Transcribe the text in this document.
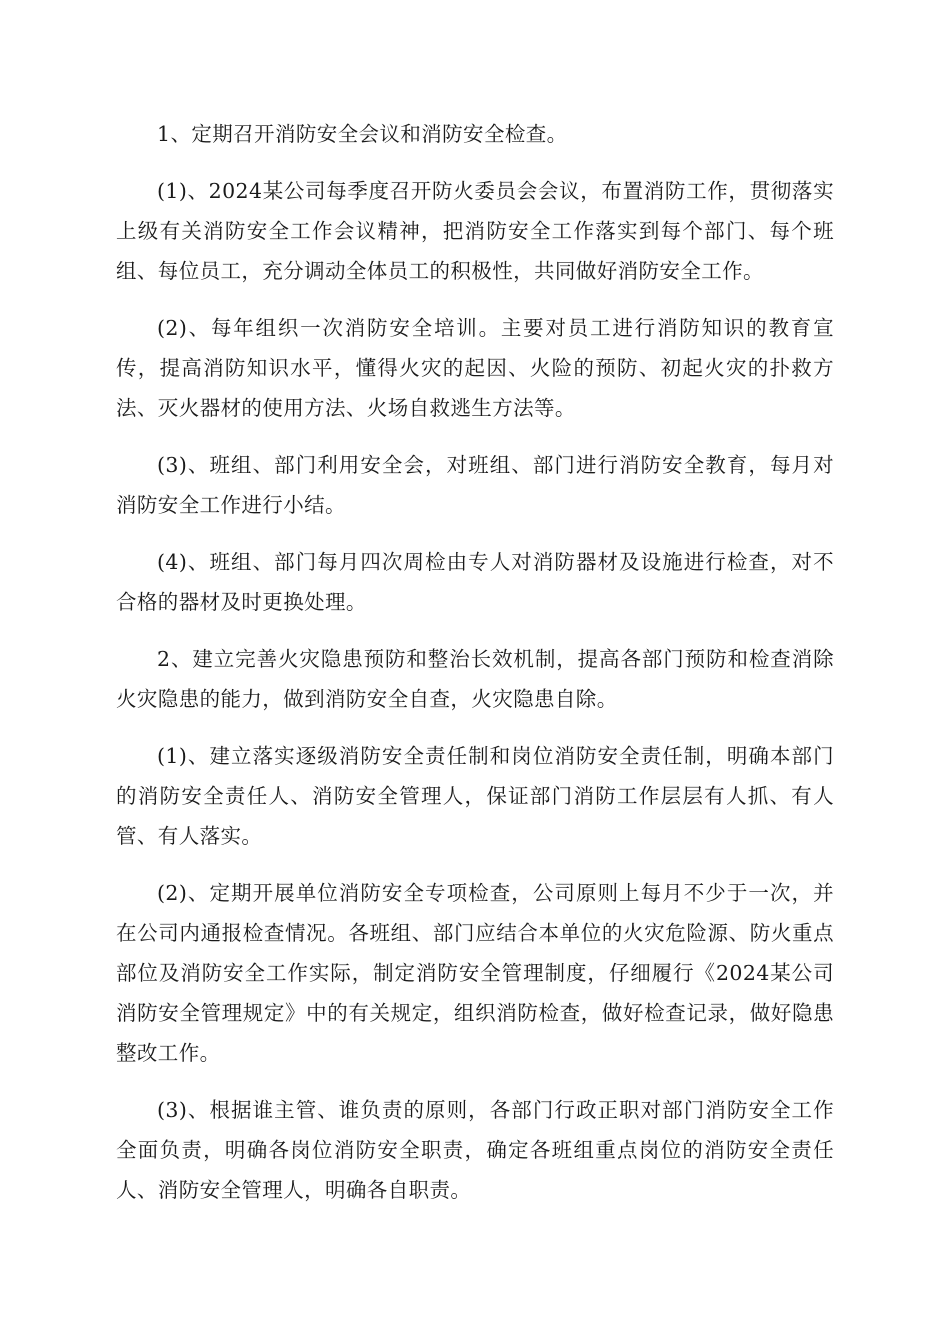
1、定期召开消防安全会议和消防安全检查。

(1)、2024某公司每季度召开防火委员会会议，布置消防工作，贯彻落实上级有关消防安全工作会议精神，把消防安全工作落实到每个部门、每个班组、每位员工，充分调动全体员工的积极性，共同做好消防安全工作。

(2)、每年组织一次消防安全培训。主要对员工进行消防知识的教育宣传，提高消防知识水平，懂得火灾的起因、火险的预防、初起火灾的扑救方法、灭火器材的使用方法、火场自救逃生方法等。

(3)、班组、部门利用安全会，对班组、部门进行消防安全教育，每月对消防安全工作进行小结。

(4)、班组、部门每月四次周检由专人对消防器材及设施进行检查，对不合格的器材及时更换处理。

2、建立完善火灾隐患预防和整治长效机制，提高各部门预防和检查消除火灾隐患的能力，做到消防安全自查，火灾隐患自除。

(1)、建立落实逐级消防安全责任制和岗位消防安全责任制，明确本部门的消防安全责任人、消防安全管理人，保证部门消防工作层层有人抓、有人管、有人落实。

(2)、定期开展单位消防安全专项检查，公司原则上每月不少于一次，并在公司内通报检查情况。各班组、部门应结合本单位的火灾危险源、防火重点部位及消防安全工作实际，制定消防安全管理制度，仔细履行《2024某公司消防安全管理规定》中的有关规定，组织消防检查，做好检查记录，做好隐患整改工作。

(3)、根据谁主管、谁负责的原则，各部门行政正职对部门消防安全工作全面负责，明确各岗位消防安全职责，确定各班组重点岗位的消防安全责任人、消防安全管理人，明确各自职责。
